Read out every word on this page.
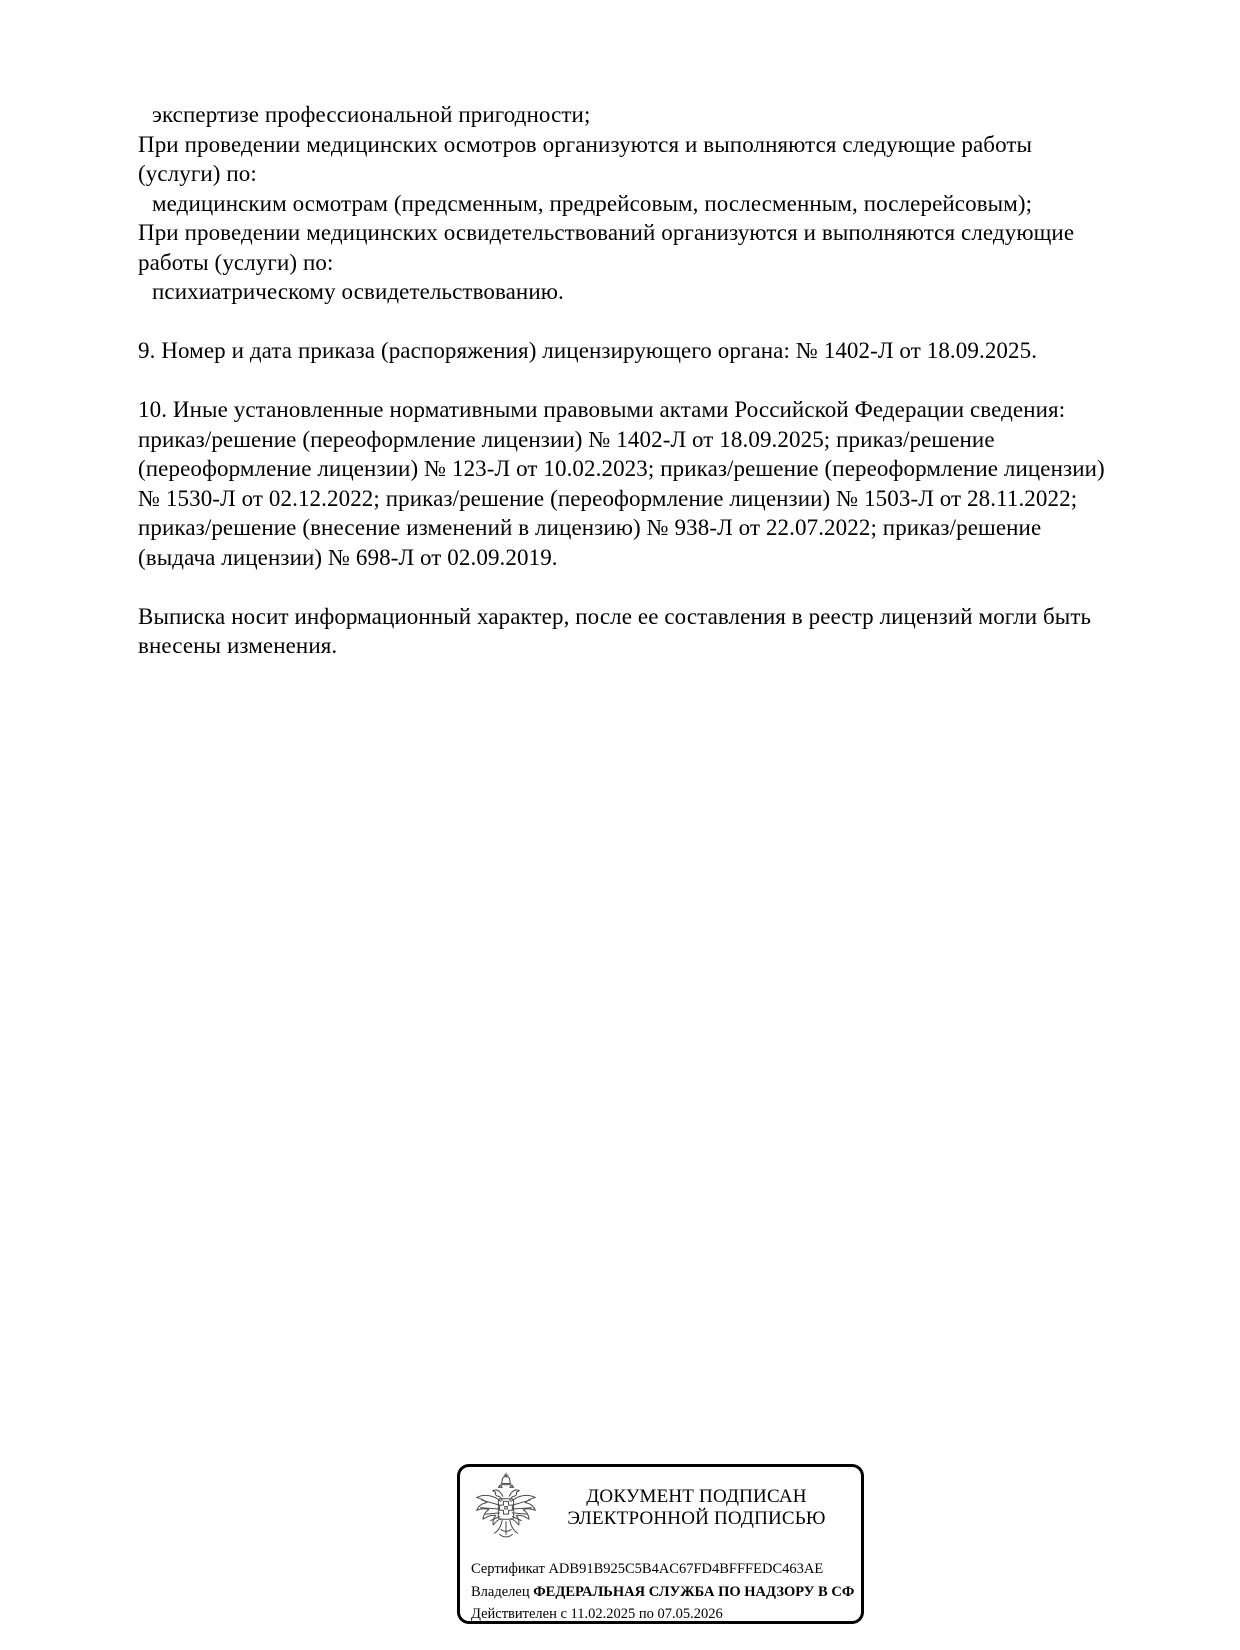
экспертизе профессиональной пригодности;
При проведении медицинских осмотров организуются и выполняются следующие работы
(услуги) по:
медицинским осмотрам (предсменным, предрейсовым, послесменным, послерейсовым);
При проведении медицинских освидетельствований организуются и выполняются следующие
работы (услуги) по:
психиатрическому освидетельствованию.

9. Номер и дата приказа (распоряжения) лицензирующего органа: № 1402-Л от 18.09.2025.

10. Иные установленные нормативными правовыми актами Российской Федерации сведения:
приказ/решение (переоформление лицензии) № 1402-Л от 18.09.2025; приказ/решение
(переоформление лицензии) № 123-Л от 10.02.2023; приказ/решение (переоформление лицензии)
№ 1530-Л от 02.12.2022; приказ/решение (переоформление лицензии) № 1503-Л от 28.11.2022;
приказ/решение (внесение изменений в лицензию) № 938-Л от 22.07.2022; приказ/решение
(выдача лицензии) № 698-Л от 02.09.2019.

Выписка носит информационный характер, после ее составления в реестр лицензий могли быть
внесены изменения.
ДОКУМЕНТ ПОДПИСАН
ЭЛЕКТРОННОЙ ПОДПИСЬЮ
Сертификат ADB91B925C5B4AC67FD4BFFFEDC463AE
Владелец ФЕДЕРАЛЬНАЯ СЛУЖБА ПО НАДЗОРУ В СФ
Действителен с 11.02.2025 по 07.05.2026
